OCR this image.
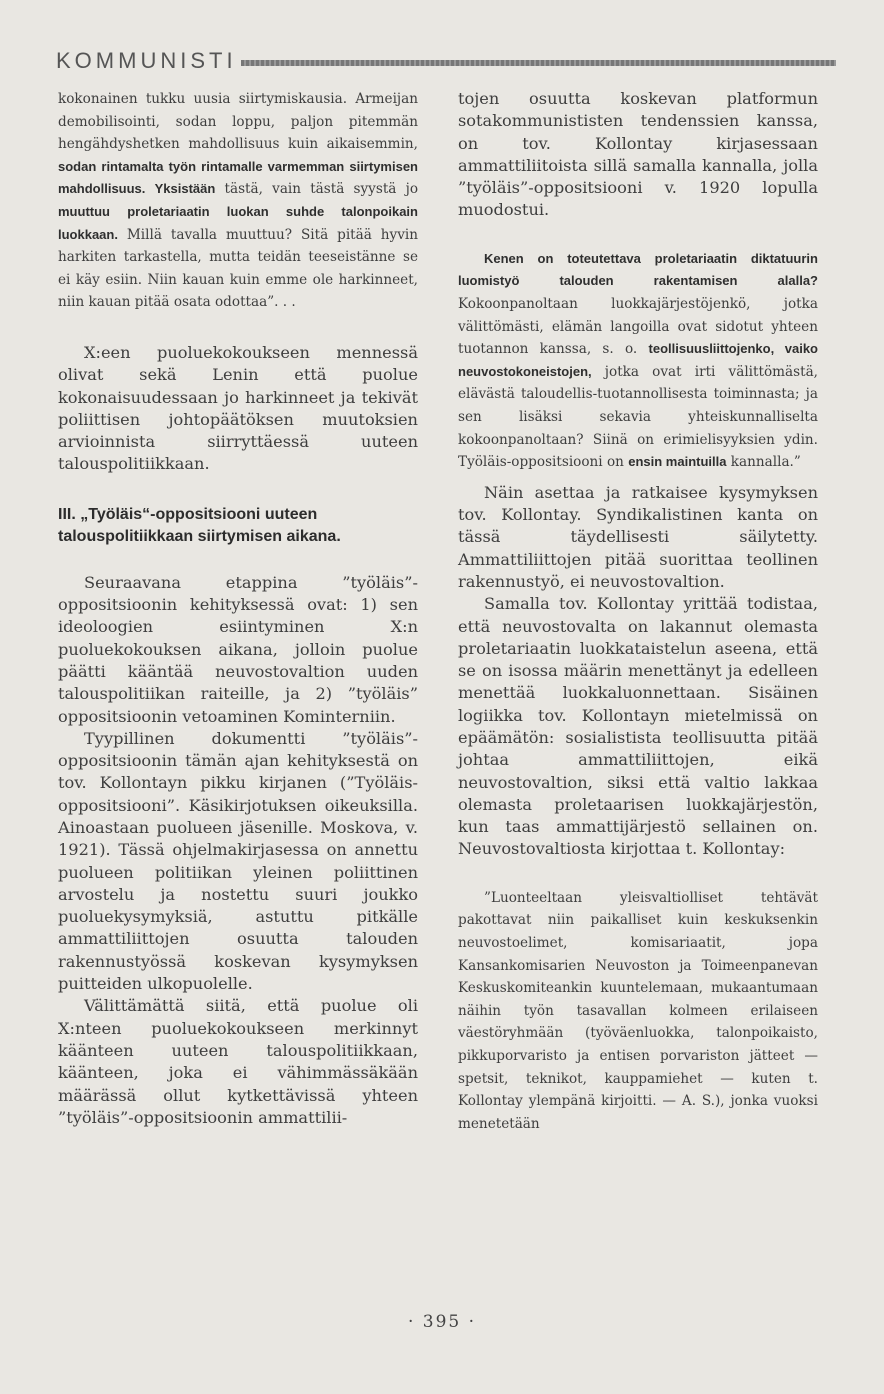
KOMMUNISTI

kokonainen tukku uusia siirtymiskausia. Armeijan demobilisointi, sodan loppu, paljon pitemmän hengähdyshetken mahdollisuus kuin aikaisemmin, sodan rintamalta työn rintamalle varmemman siirtymisen mahdollisuus. Yksistään tästä, vain tästä syystä jo muuttuu proletariaatin luokan suhde talonpoikain luokkaan. Millä tavalla muuttuu? Sitä pitää hyvin harkiten tarkastella, mutta teidän teeseistänne se ei käy esiin. Niin kauan kuin emme ole harkinneet, niin kauan pitää osata odottaa”. . .

X:een puoluekokoukseen mennessä olivat sekä Lenin että puolue kokonaisuudessaan jo harkinneet ja tekivät poliittisen johtopäätöksen muutoksien arvioinnista siirryttäessä uuteen talouspolitiikkaan.

III. „Työläis“-oppositsiooni uuteen talouspolitiikkaan siirtymisen aikana.

Seuraavana etappina ”työläis”-oppositsioonin kehityksessä ovat: 1) sen ideoloogien esiintyminen X:n puoluekokouksen aikana, jolloin puolue päätti kääntää neuvostovaltion uuden talouspolitiikan raiteille, ja 2) ”työläis” oppositsioonin vetoaminen Kominterniin.

Tyypillinen dokumentti ”työläis”-oppositsioonin tämän ajan kehityksestä on tov. Kollontayn pikku kirjanen (”Työläis-oppositsiooni”. Käsikirjotuksen oikeuksilla. Ainoastaan puolueen jäsenille. Moskova, v. 1921). Tässä ohjelmakirjasessa on annettu puolueen politiikan yleinen poliittinen arvostelu ja nostettu suuri joukko puoluekysymyksiä, astuttu pitkälle ammattiliittojen osuutta talouden rakennustyössä koskevan kysymyksen puitteiden ulkopuolelle.

Välittämättä siitä, että puolue oli X:nteen puoluekokoukseen merkinnyt käänteen uuteen talouspolitiikkaan, käänteen, joka ei vähimmässäkään määrässä ollut kytkettävissä yhteen ”työläis”-oppositsioonin ammattilii-

tojen osuutta koskevan platformun sotakommunististen tendenssien kanssa, on tov. Kollontay kirjasessaan ammattiliitoista sillä samalla kannalla, jolla ”työläis”-oppositsiooni v. 1920 lopulla muodostui.

Kenen on toteutettava proletariaatin diktatuurin luomistyö talouden rakentamisen alalla? Kokoonpanoltaan luokkajärjestöjenkö, jotka välittömästi, elämän langoilla ovat sidotut yhteen tuotannon kanssa, s. o. teollisuusliittojenko, vaiko neuvostokoneistojen, jotka ovat irti välittömästä, elävästä taloudellis-tuotannollisesta toiminnasta; ja sen lisäksi sekavia yhteiskunnalliselta kokoonpanoltaan? Siinä on erimielisyyksien ydin. Työläis-oppositsiooni on ensin maintuilla kannalla.”

Näin asettaa ja ratkaisee kysymyksen tov. Kollontay. Syndikalistinen kanta on tässä täydellisesti säilytetty. Ammattiliittojen pitää suorittaa teollinen rakennustyö, ei neuvostovaltion.

Samalla tov. Kollontay yrittää todistaa, että neuvostovalta on lakannut olemasta proletariaatin luokkataistelun aseena, että se on isossa määrin menettänyt ja edelleen menettää luokkaluonnettaan. Sisäinen logiikka tov. Kollontayn mietelmissä on epäämätön: sosialistista teollisuutta pitää johtaa ammattiliittojen, eikä neuvostovaltion, siksi että valtio lakkaa olemasta proletaarisen luokkajärjestön, kun taas ammattijärjestö sellainen on. Neuvostovaltiosta kirjottaa t. Kollontay:

”Luonteeltaan yleisvaltiolliset tehtävät pakottavat niin paikalliset kuin keskuksenkin neuvostoelimet, komisariaatit, jopa Kansankomisarien Neuvoston ja Toimeenpanevan Keskuskomiteankin kuuntelemaan, mukaantumaan näihin työn tasavallan kolmeen erilaiseen väestöryhmään (työväenluokka, talonpoikaisto, pikkuporvaristo ja entisen porvariston jätteet — spetsit, teknikot, kauppamiehet — kuten t. Kollontay ylempänä kirjoitti. — A. S.), jonka vuoksi menetetään

· 395 ·
